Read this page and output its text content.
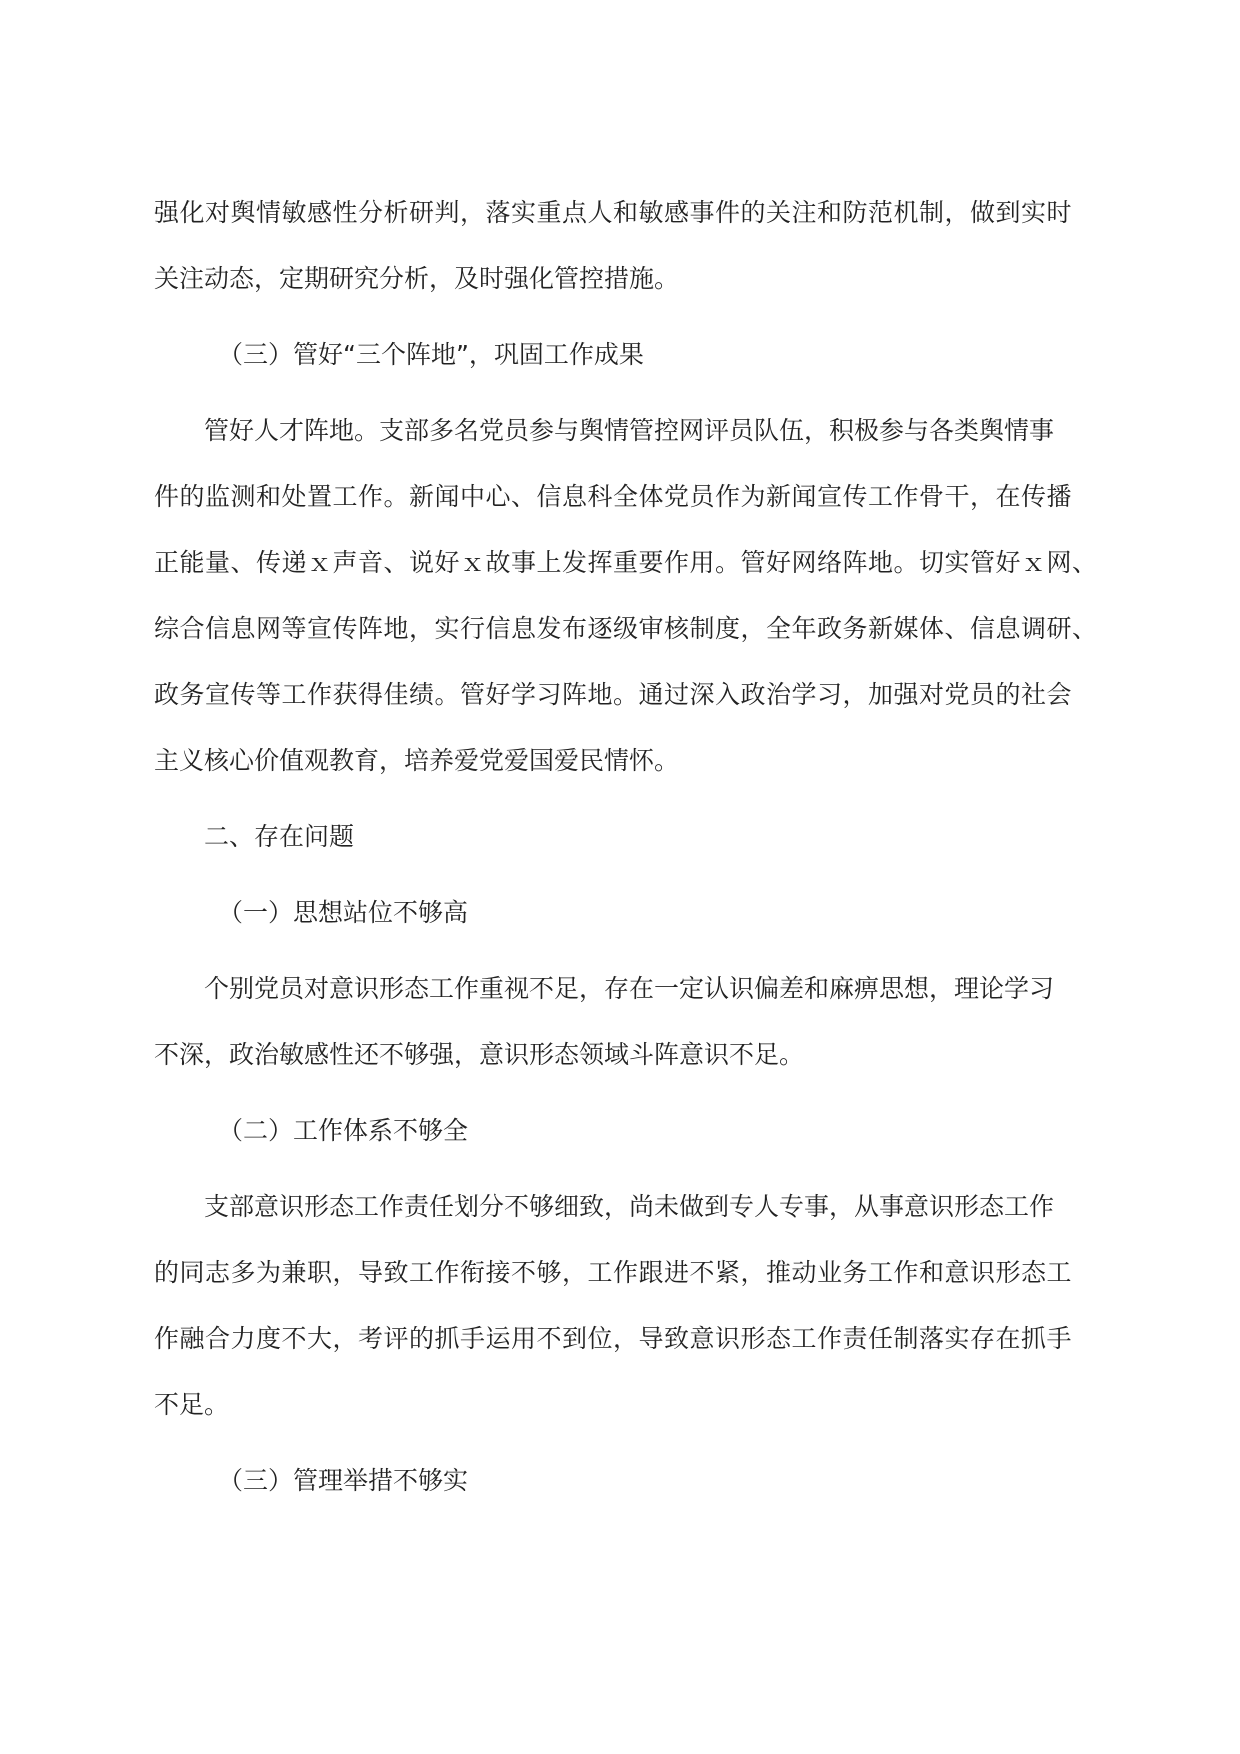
强化对舆情敏感性分析研判，落实重点人和敏感事件的关注和防范机制，做到实时
关注动态，定期研究分析，及时强化管控措施。
（三）管好“三个阵地”，巩固工作成果
管好人才阵地。支部多名党员参与舆情管控网评员队伍，积极参与各类舆情事
件的监测和处置工作。新闻中心、信息科全体党员作为新闻宣传工作骨干，在传播
正能量、传递ｘ声音、说好ｘ故事上发挥重要作用。管好网络阵地。切实管好ｘ网、
综合信息网等宣传阵地，实行信息发布逐级审核制度，全年政务新媒体、信息调研、
政务宣传等工作获得佳绩。管好学习阵地。通过深入政治学习，加强对党员的社会
主义核心价值观教育，培养爱党爱国爱民情怀。
二、存在问题
（一）思想站位不够高
个别党员对意识形态工作重视不足，存在一定认识偏差和麻痹思想，理论学习
不深，政治敏感性还不够强，意识形态领域斗阵意识不足。
（二）工作体系不够全
支部意识形态工作责任划分不够细致，尚未做到专人专事，从事意识形态工作
的同志多为兼职，导致工作衔接不够，工作跟进不紧，推动业务工作和意识形态工
作融合力度不大，考评的抓手运用不到位，导致意识形态工作责任制落实存在抓手
不足。
（三）管理举措不够实
